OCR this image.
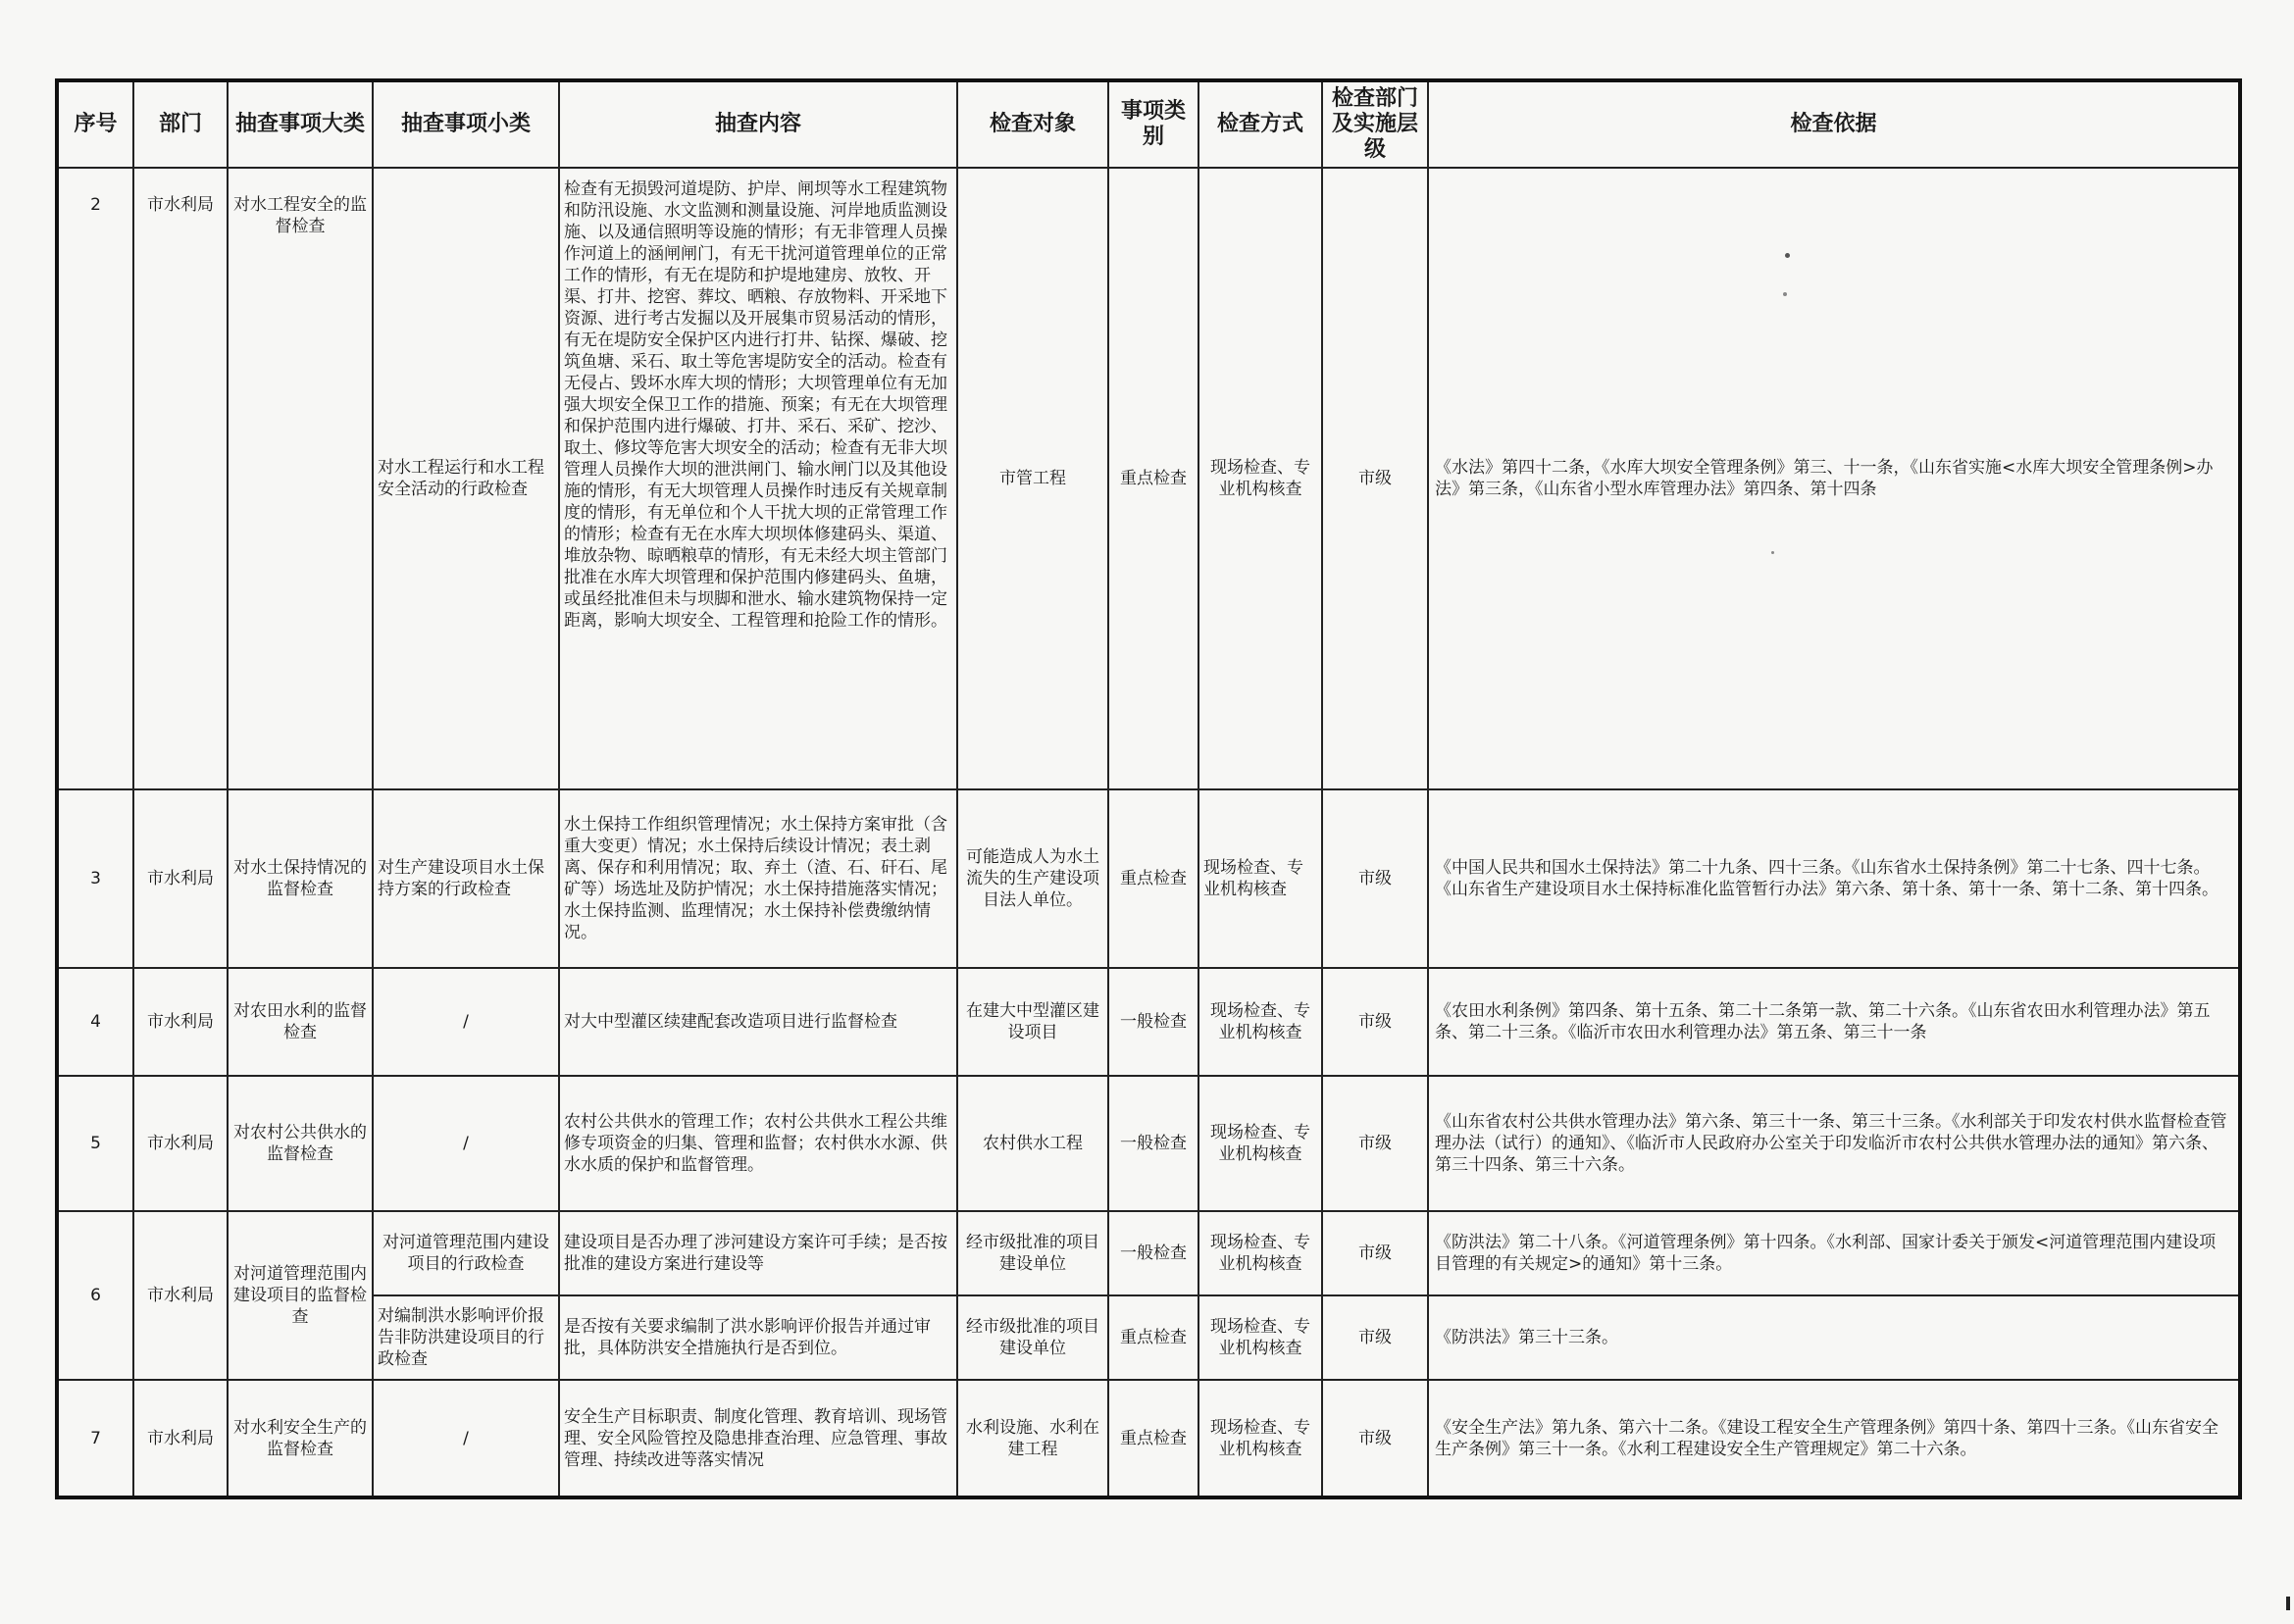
序号	部门	抽查事项大类	抽查事项小类	抽查内容	检查对象	事项类别	检查方式	检查部门及实施层级	检查依据
2	市水利局	对水工程安全的监督检查	对水工程运行和水工程安全活动的行政检查	检查有无损毁河道堤防、护岸、闸坝等水工程建筑物和防汛设施、水文监测和测量设施、河岸地质监测设施、以及通信照明等设施的情形；有无非管理人员操作河道上的涵闸闸门，有无干扰河道管理单位的正常工作的情形，有无在堤防和护堤地建房、放牧、开渠、打井、挖窖、葬坟、晒粮、存放物料、开采地下资源、进行考古发掘以及开展集市贸易活动的情形，有无在堤防安全保护区内进行打井、钻探、爆破、挖筑鱼塘、采石、取土等危害堤防安全的活动。检查有无侵占、毁坏水库大坝的情形；大坝管理单位有无加强大坝安全保卫工作的措施、预案；有无在大坝管理和保护范围内进行爆破、打井、采石、采矿、挖沙、取土、修坟等危害大坝安全的活动；检查有无非大坝管理人员操作大坝的泄洪闸门、输水闸门以及其他设施的情形，有无大坝管理人员操作时违反有关规章制度的情形，有无单位和个人干扰大坝的正常管理工作的情形；检查有无在水库大坝坝体修建码头、渠道、堆放杂物、晾晒粮草的情形，有无未经大坝主管部门批准在水库大坝管理和保护范围内修建码头、鱼塘，或虽经批准但未与坝脚和泄水、输水建筑物保持一定距离，影响大坝安全、工程管理和抢险工作的情形。	市管工程	重点检查	现场检查、专业机构核查	市级	《水法》第四十二条，《水库大坝安全管理条例》第三、十一条，《山东省实施<水库大坝安全管理条例>办法》第三条，《山东省小型水库管理办法》第四条、第十四条
3	市水利局	对水土保持情况的监督检查	对生产建设项目水土保持方案的行政检查	水土保持工作组织管理情况；水土保持方案审批（含重大变更）情况；水土保持后续设计情况；表土剥离、保存和利用情况；取、弃土（渣、石、矸石、尾矿等）场选址及防护情况；水土保持措施落实情况；水土保持监测、监理情况；水土保持补偿费缴纳情况。	可能造成人为水土流失的生产建设项目法人单位。	重点检查	现场检查、专业机构核查	市级	《中国人民共和国水土保持法》第二十九条、四十三条。《山东省水土保持条例》第二十七条、四十七条。《山东省生产建设项目水土保持标准化监管暂行办法》第六条、第十条、第十一条、第十二条、第十四条。
4	市水利局	对农田水利的监督检查	/	对大中型灌区续建配套改造项目进行监督检查	在建大中型灌区建设项目	一般检查	现场检查、专业机构核查	市级	《农田水利条例》第四条、第十五条、第二十二条第一款、第二十六条。《山东省农田水利管理办法》第五条、第二十三条。《临沂市农田水利管理办法》第五条、第三十一条
5	市水利局	对农村公共供水的监督检查	/	农村公共供水的管理工作；农村公共供水工程公共维修专项资金的归集、管理和监督；农村供水水源、供水水质的保护和监督管理。	农村供水工程	一般检查	现场检查、专业机构核查	市级	《山东省农村公共供水管理办法》第六条、第三十一条、第三十三条。《水利部关于印发农村供水监督检查管理办法（试行）的通知》、《临沂市人民政府办公室关于印发临沂市农村公共供水管理办法的通知》第六条、第三十四条、第三十六条。
6	市水利局	对河道管理范围内建设项目的监督检查	对河道管理范围内建设项目的行政检查	建设项目是否办理了涉河建设方案许可手续；是否按批准的建设方案进行建设等	经市级批准的项目建设单位	一般检查	现场检查、专业机构核查	市级	《防洪法》第二十八条。《河道管理条例》第十四条。《水利部、国家计委关于颁发<河道管理范围内建设项目管理的有关规定>的通知》第十三条。
			对编制洪水影响评价报告非防洪建设项目的行政检查	是否按有关要求编制了洪水影响评价报告并通过审批，具体防洪安全措施执行是否到位。	经市级批准的项目建设单位	重点检查	现场检查、专业机构核查	市级	《防洪法》第三十三条。
7	市水利局	对水利安全生产的监督检查	/	安全生产目标职责、制度化管理、教育培训、现场管理、安全风险管控及隐患排查治理、应急管理、事故管理、持续改进等落实情况	水利设施、水利在建工程	重点检查	现场检查、专业机构核查	市级	《安全生产法》第九条、第六十二条。《建设工程安全生产管理条例》第四十条、第四十三条。《山东省安全生产条例》第三十一条。《水利工程建设安全生产管理规定》第二十六条。
